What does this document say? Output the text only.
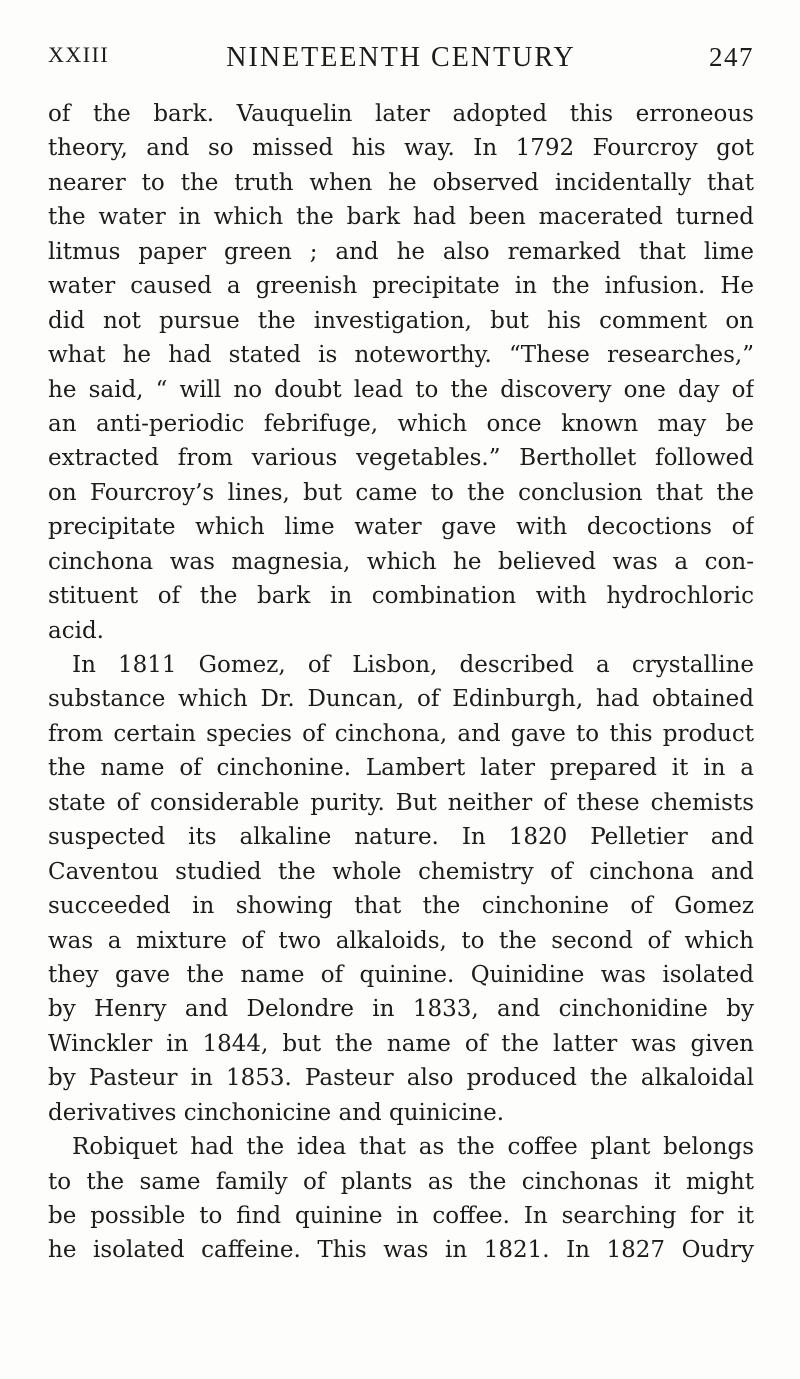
XXIII	NINETEENTH CENTURY	247
of the bark. Vauquelin later adopted this erroneous
theory, and so missed his way. In 1792 Fourcroy got
nearer to the truth when he observed incidentally that
the water in which the bark had been macerated turned
litmus paper green ; and he also remarked that lime
water caused a greenish precipitate in the infusion. He
did not pursue the investigation, but his comment on
what he had stated is noteworthy. “These researches,”
he said, “ will no doubt lead to the discovery one day of
an anti-periodic febrifuge, which once known may be
extracted from various vegetables.” Berthollet followed
on Fourcroy’s lines, but came to the conclusion that the
precipitate which lime water gave with decoctions of
cinchona was magnesia, which he believed was a con-
stituent of the bark in combination with hydrochloric
acid.
In 1811 Gomez, of Lisbon, described a crystalline
substance which Dr. Duncan, of Edinburgh, had obtained
from certain species of cinchona, and gave to this product
the name of cinchonine. Lambert later prepared it in a
state of considerable purity. But neither of these chemists
suspected its alkaline nature. In 1820 Pelletier and
Caventou studied the whole chemistry of cinchona and
succeeded in showing that the cinchonine of Gomez
was a mixture of two alkaloids, to the second of which
they gave the name of quinine. Quinidine was isolated
by Henry and Delondre in 1833, and cinchonidine by
Winckler in 1844, but the name of the latter was given
by Pasteur in 1853. Pasteur also produced the alkaloidal
derivatives cinchonicine and quinicine.
Robiquet had the idea that as the coffee plant belongs
to the same family of plants as the cinchonas it might
be possible to find quinine in coffee. In searching for it
he isolated caffeine. This was in 1821. In 1827 Oudry
